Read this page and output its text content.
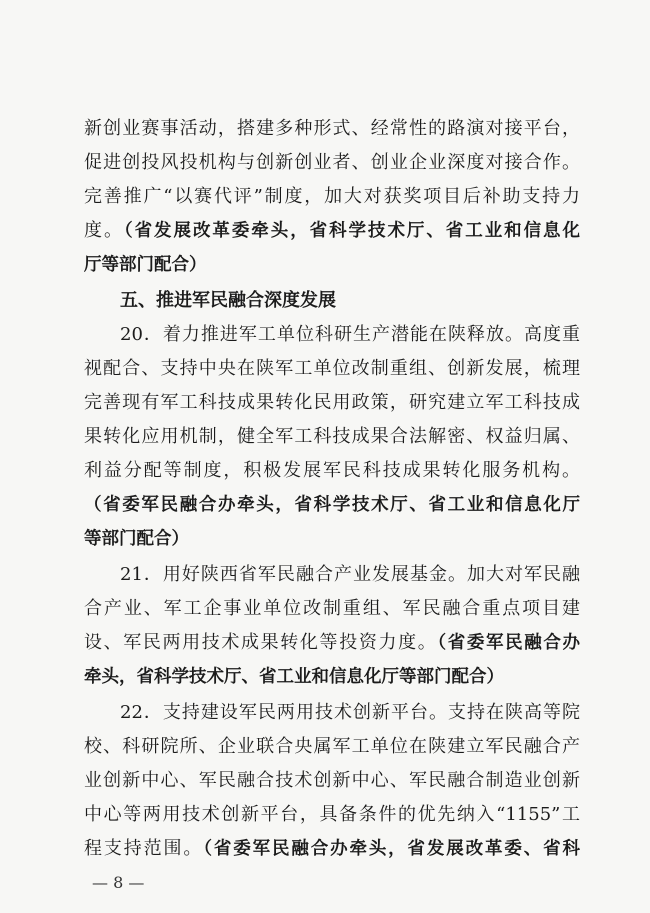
新创业赛事活动，搭建多种形式、经常性的路演对接平台，
促进创投风投机构与创新创业者、创业企业深度对接合作。
完善推广“以赛代评”制度，加大对获奖项目后补助支持力
度。（省发展改革委牵头，省科学技术厅、省工业和信息化
厅等部门配合）
五、推进军民融合深度发展
20．着力推进军工单位科研生产潜能在陕释放。高度重
视配合、支持中央在陕军工单位改制重组、创新发展，梳理
完善现有军工科技成果转化民用政策，研究建立军工科技成
果转化应用机制，健全军工科技成果合法解密、权益归属、
利益分配等制度，积极发展军民科技成果转化服务机构。
（省委军民融合办牵头，省科学技术厅、省工业和信息化厅
等部门配合）
21．用好陕西省军民融合产业发展基金。加大对军民融
合产业、军工企事业单位改制重组、军民融合重点项目建
设、军民两用技术成果转化等投资力度。（省委军民融合办
牵头，省科学技术厅、省工业和信息化厅等部门配合）
22．支持建设军民两用技术创新平台。支持在陕高等院
校、科研院所、企业联合央属军工单位在陕建立军民融合产
业创新中心、军民融合技术创新中心、军民融合制造业创新
中心等两用技术创新平台，具备条件的优先纳入“1155”工
程支持范围。（省委军民融合办牵头，省发展改革委、省科
— 8 —
